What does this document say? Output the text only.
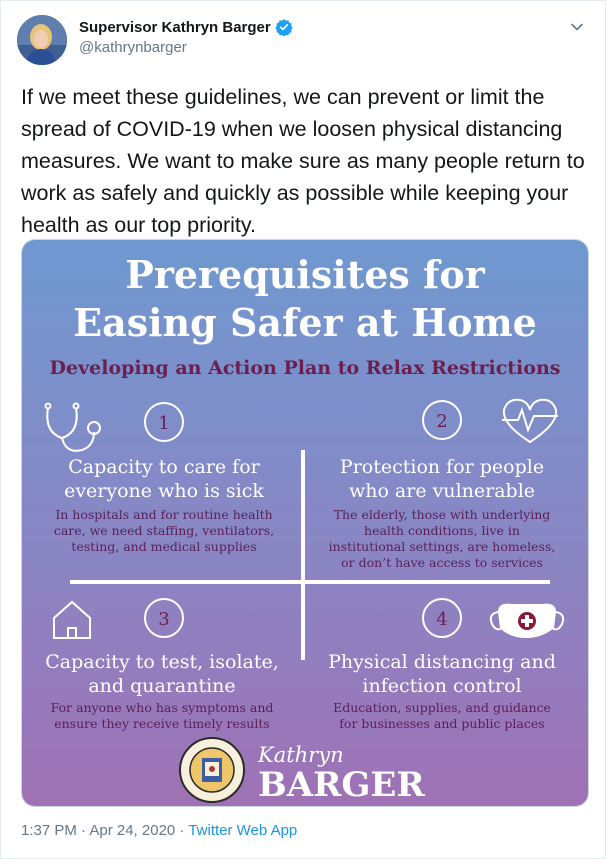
Supervisor Kathryn Barger
@kathrynbarger

If we meet these guidelines, we can prevent or limit the spread of COVID-19 when we loosen physical distancing measures. We want to make sure as many people return to work as safely and quickly as possible while keeping your health as our top priority.

Prerequisites for
Easing Safer at Home
Developing an Action Plan to Relax Restrictions
1
Capacity to care for
everyone who is sick
In hospitals and for routine health
care, we need staffing, ventilators,
testing, and medical supplies
2
Protection for people
who are vulnerable
The elderly, those with underlying
health conditions, live in
institutional settings, are homeless,
or don’t have access to services
3
Capacity to test, isolate,
and quarantine
For anyone who has symptoms and
ensure they receive timely results
4
Physical distancing and
infection control
Education, supplies, and guidance
for businesses and public places
Kathryn
BARGER
1:37 PM · Apr 24, 2020 · Twitter Web App
